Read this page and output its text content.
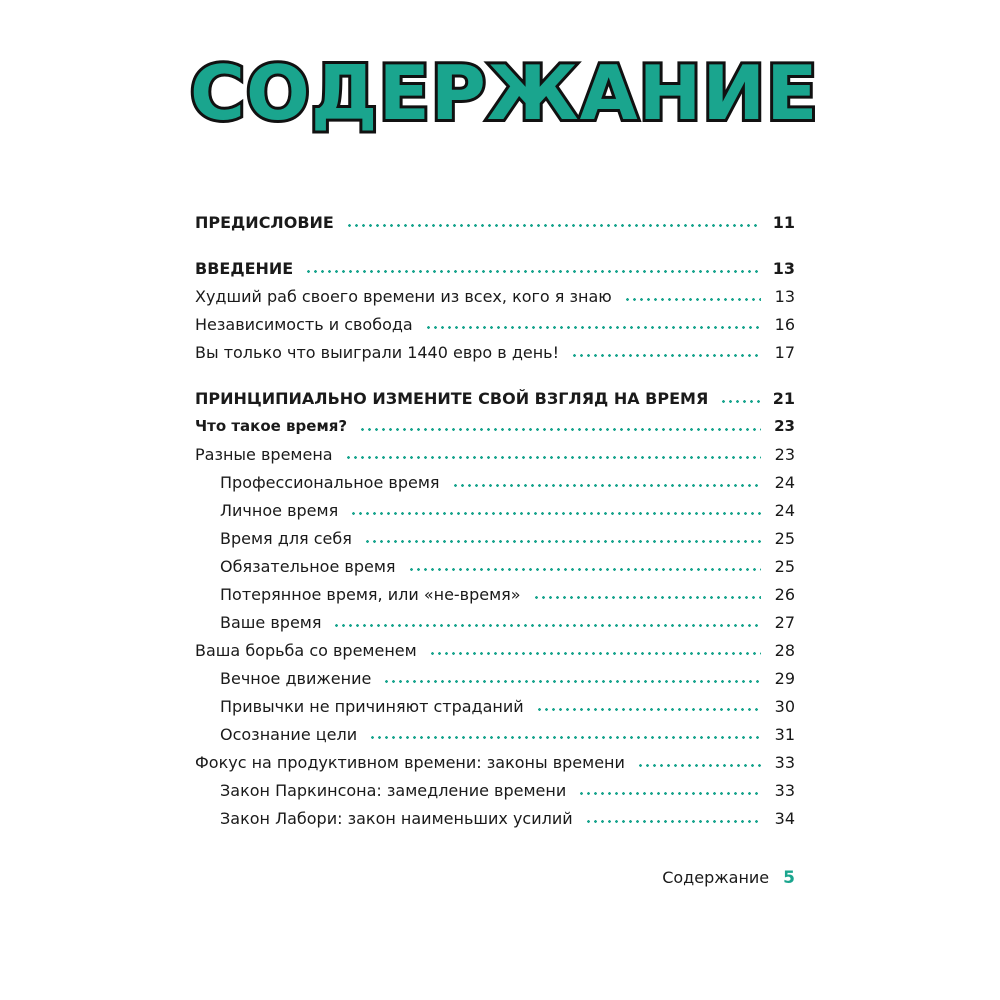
СОДЕРЖАНИЕ
ПРЕДИСЛОВИЕ	11
ВВЕДЕНИЕ	13
Худший раб своего времени из всех, кого я знаю	13
Независимость и свобода	16
Вы только что выиграли 1440 евро в день!	17
ПРИНЦИПИАЛЬНО ИЗМЕНИТЕ СВОЙ ВЗГЛЯД НА ВРЕМЯ	21
Что такое время?	23
Разные времена	23
Профессиональное время	24
Личное время	24
Время для себя	25
Обязательное время	25
Потерянное время, или «не-время»	26
Ваше время	27
Ваша борьба со временем	28
Вечное движение	29
Привычки не причиняют страданий	30
Осознание цели	31
Фокус на продуктивном времени: законы времени	33
Закон Паркинсона: замедление времени	33
Закон Лабори: закон наименьших усилий	34
Содержание 5
